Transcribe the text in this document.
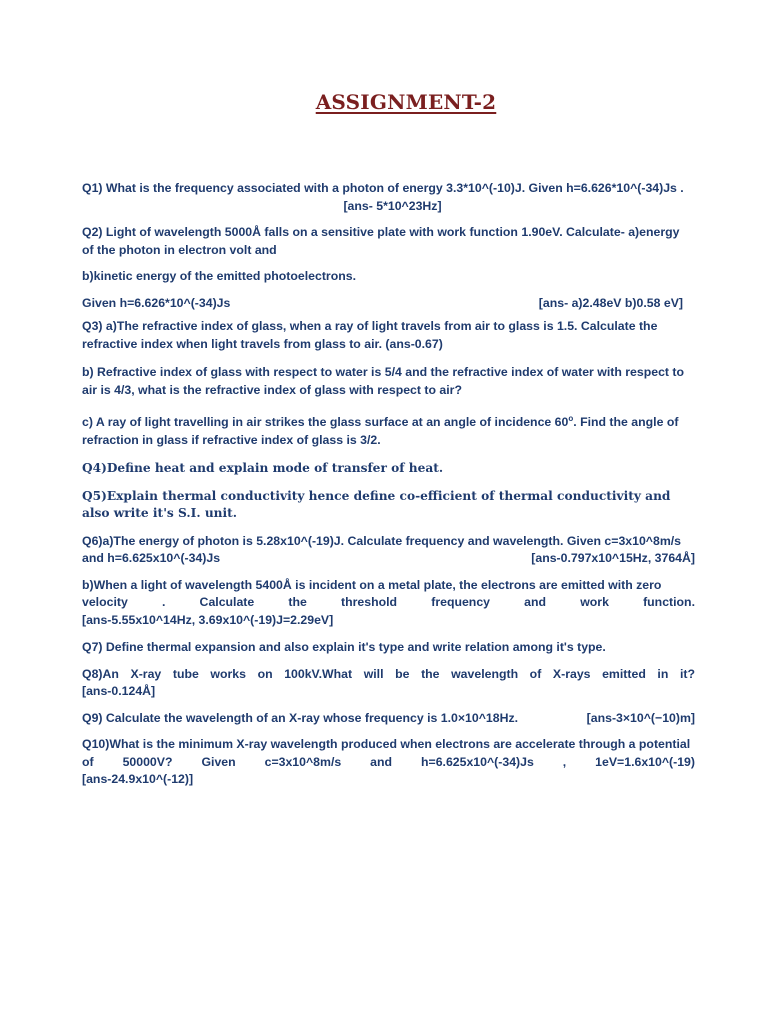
ASSIGNMENT-2

Q1) What is the frequency associated with a photon of energy 3.3*10^(-10)J. Given h=6.626*10^(-34)Js .

[ans- 5*10^23Hz]

Q2) Light of wavelength 5000Å falls on a sensitive plate with work function 1.90eV. Calculate- a)energy

of the photon in electron volt and

b)kinetic energy of the emitted photoelectrons.

Given h=6.626*10^(-34)Js	[ans- a)2.48eV b)0.58 eV]

Q3) a)The refractive index of glass, when a ray of light travels from air to glass is 1.5. Calculate the refractive index when light travels from glass to air. (ans-0.67)

b) Refractive index of glass with respect to water is 5/4 and the refractive index of water with respect to air is 4/3, what is the refractive index of glass with respect to air?

c) A ray of light travelling in air strikes the glass surface at an angle of incidence 60$^o$. Find the angle of refraction in glass if refractive index of glass is 3/2.

Q4)Define heat and explain mode of transfer of heat.

Q5)Explain thermal conductivity hence define co-efficient of thermal conductivity and also write it's S.I. unit.

Q6)a)The energy of photon is 5.28x10^(-19)J. Calculate frequency and wavelength. Given c=3x10^8m/s

and h=6.625x10^(-34)Js	[ans-0.797x10^15Hz, 3764Å]

b)When a light of wavelength 5400Å is incident on a metal plate, the electrons are emitted with zero

velocity . Calculate the threshold frequency and work function.

[ans-5.55x10^14Hz, 3.69x10^(-19)J=2.29eV]

Q7) Define thermal expansion and also explain it's type and write relation among it's type.

Q8)An X-ray tube works on 100kV.What will be the wavelength of X-rays emitted in it?

[ans-0.124Å]

Q9) Calculate the wavelength of an X-ray whose frequency is 1.0×10^18Hz.	[ans-3×10^(−10)m]

Q10)What is the minimum X-ray wavelength produced when electrons are accelerate through a potential

of 50000V? Given c=3x10^8m/s and h=6.625x10^(-34)Js , 1eV=1.6x10^(-19)

[ans-24.9x10^(-12)]
